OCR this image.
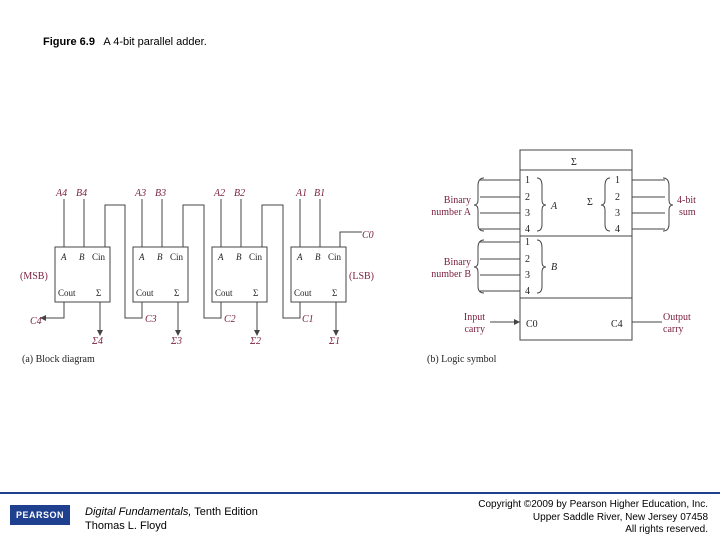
Figure 6.9 A 4-bit parallel adder.
A4 B4	A3 B3	A2 B2	A1 B1
C0
C4	C3	C2	C1
Σ4	Σ3	Σ2	Σ1
(MSB)	(LSB)
A B Cin
Cout Σ
A B Cin
Cout Σ
A B Cin
Cout Σ
A B Cin
Cout Σ
(a) Block diagram
Σ
1
2
3
4
1
2
3
4
1
2
3
4
A
B
Σ
C0	C4
Binary
number A
Binary
number B
Input
carry
4-bit
sum
Output
carry
(b) Logic symbol
PEARSON	Digital Fundamentals, Tenth Edition
Thomas L. Floyd
Copyright ©2009 by Pearson Higher Education, Inc.
Upper Saddle River, New Jersey 07458
All rights reserved.
